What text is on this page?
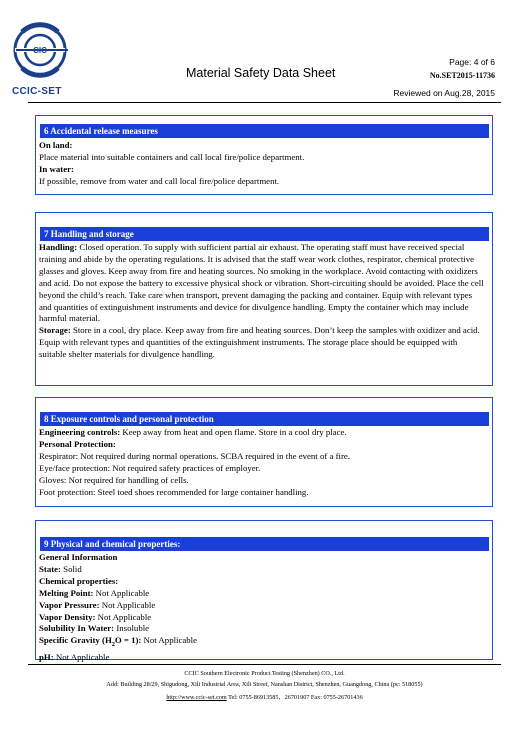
CIC
CCIC-SET
Page: 4 of 6
Material Safety Data Sheet	No.SET2015-11736
Reviewed on Aug.28, 2015
6 Accidental release measures

On land:

Place material into suitable containers and call local fire/police department.

In water:

If possible, remove from water and call local fire/police department.

7 Handling and storage

Handling: Closed operation. To supply with sufficient partial air exhaust. The operating staff must have received special training and abide by the operating regulations. It is advised that the staff wear work clothes, respirator, chemical protective glasses and gloves. Keep away from fire and heating sources. No smoking in the workplace. Avoid contacting with oxidizers and acid. Do not expose the battery to excessive physical shock or vibration. Short-circuiting should be avoided. Place the cell beyond the child’s reach. Take care when transport, prevent damaging the packing and container. Equip with relevant types and quantities of extinguishment instruments and device for divulgence handling. Empty the container which may include harmful material.

Storage: Store in a cool, dry place. Keep away from fire and heating sources. Don’t keep the samples with oxidizer and acid. Equip with relevant types and quantities of the extinguishment instruments. The storage place should be equipped with suitable shelter materials for divulgence handling.

8 Exposure controls and personal protection

Engineering controls: Keep away from heat and open flame. Store in a cool dry place.

Personal Protection:

Respirator: Not required during normal operations. SCBA required in the event of a fire.

Eye/face protection: Not required safety practices of employer.

Gloves: Not required for handling of cells.

Foot protection: Steel toed shoes recommended for large container handling.

9 Physical and chemical properties:

General Information

State: Solid

Chemical properties:

Melting Point: Not Applicable

Vapor Pressure: Not Applicable

Vapor Density: Not Applicable

Solubility In Water: Insoluble

Specific Gravity $(H_2O = 1)$: Not Applicable

pH: Not Applicable

CCIC Southern Electronic Product Testing (Shenzhen) CO., Ltd.
Add: Building 28/29, Shigudong, Xili Industrial Area, Xili Street, Nanshan District, Shenzhen, Guangdong, China (pc: 518055)
http://www.ccic-set.com Tel: 0755-86913585，26701907 Fax: 0755-26701436
